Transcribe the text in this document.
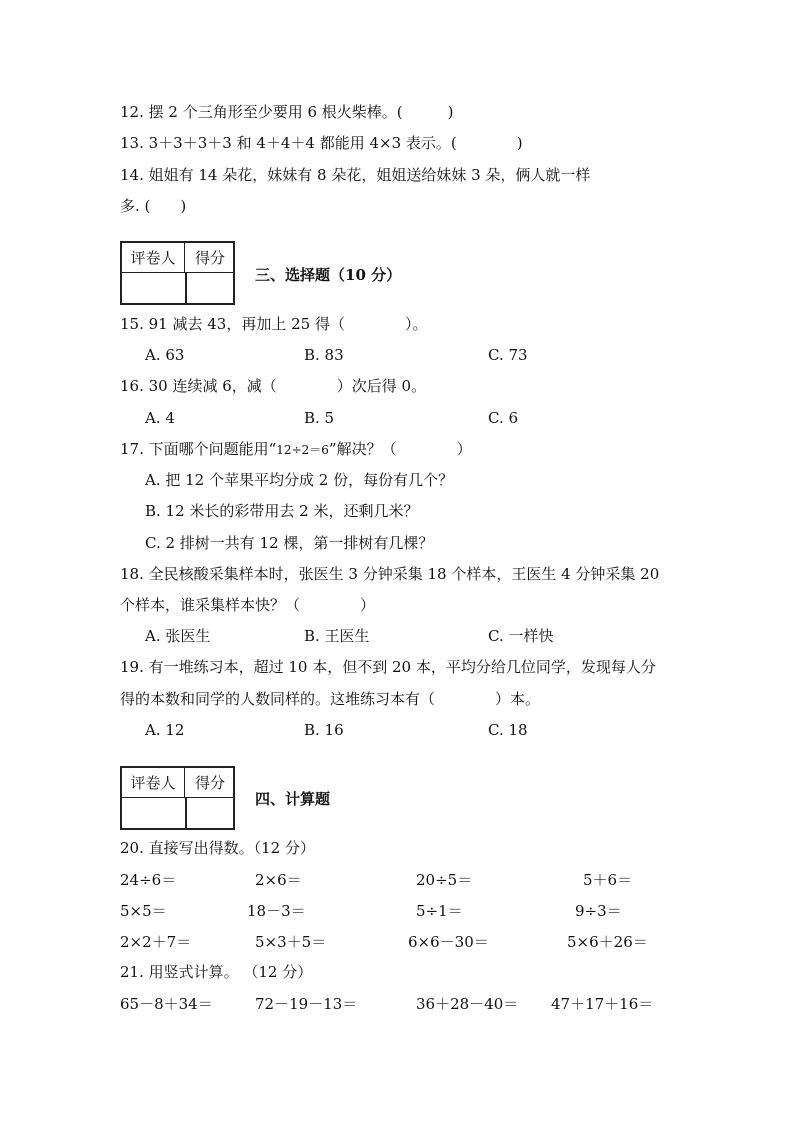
12. 摆 2 个三角形至少要用 6 根火柴棒。(　　　)
13. 3＋3＋3＋3 和 4＋4＋4 都能用 4×3 表示。(　　　　)
14. 姐姐有 14 朵花，妹妹有 8 朵花，姐姐送给妹妹 3 朵，俩人就一样
多. (　　)
评卷人	得分
三、选择题（10 分）
15. 91 减去 43，再加上 25 得（　　　　）。
A. 63	B. 83	C. 73
16. 30 连续减 6，减（　　　　）次后得 0。
A. 4	B. 5	C. 6
17. 下面哪个问题能用“12÷2＝6”解决？（　　　　）
A. 把 12 个苹果平均分成 2 份，每份有几个？
B. 12 米长的彩带用去 2 米，还剩几米？
C. 2 排树一共有 12 棵，第一排树有几棵？
18. 全民核酸采集样本时，张医生 3 分钟采集 18 个样本，王医生 4 分钟采集 20
个样本，谁采集样本快？（　　　　）
A. 张医生	B. 王医生	C. 一样快
19. 有一堆练习本，超过 10 本，但不到 20 本，平均分给几位同学，发现每人分
得的本数和同学的人数同样的。这堆练习本有（　　　　）本。
A. 12	B. 16	C. 18
评卷人	得分
四、计算题
20. 直接写出得数。（12 分）
24÷6＝	2×6＝	20÷5＝	5＋6＝
5×5＝	18－3＝	5÷1＝	9÷3＝
2×2＋7＝	5×3＋5＝	6×6－30＝	5×6＋26＝
21. 用竖式计算。 （12 分）
65－8＋34＝	72－19－13＝	36＋28－40＝ 47＋17＋16＝
